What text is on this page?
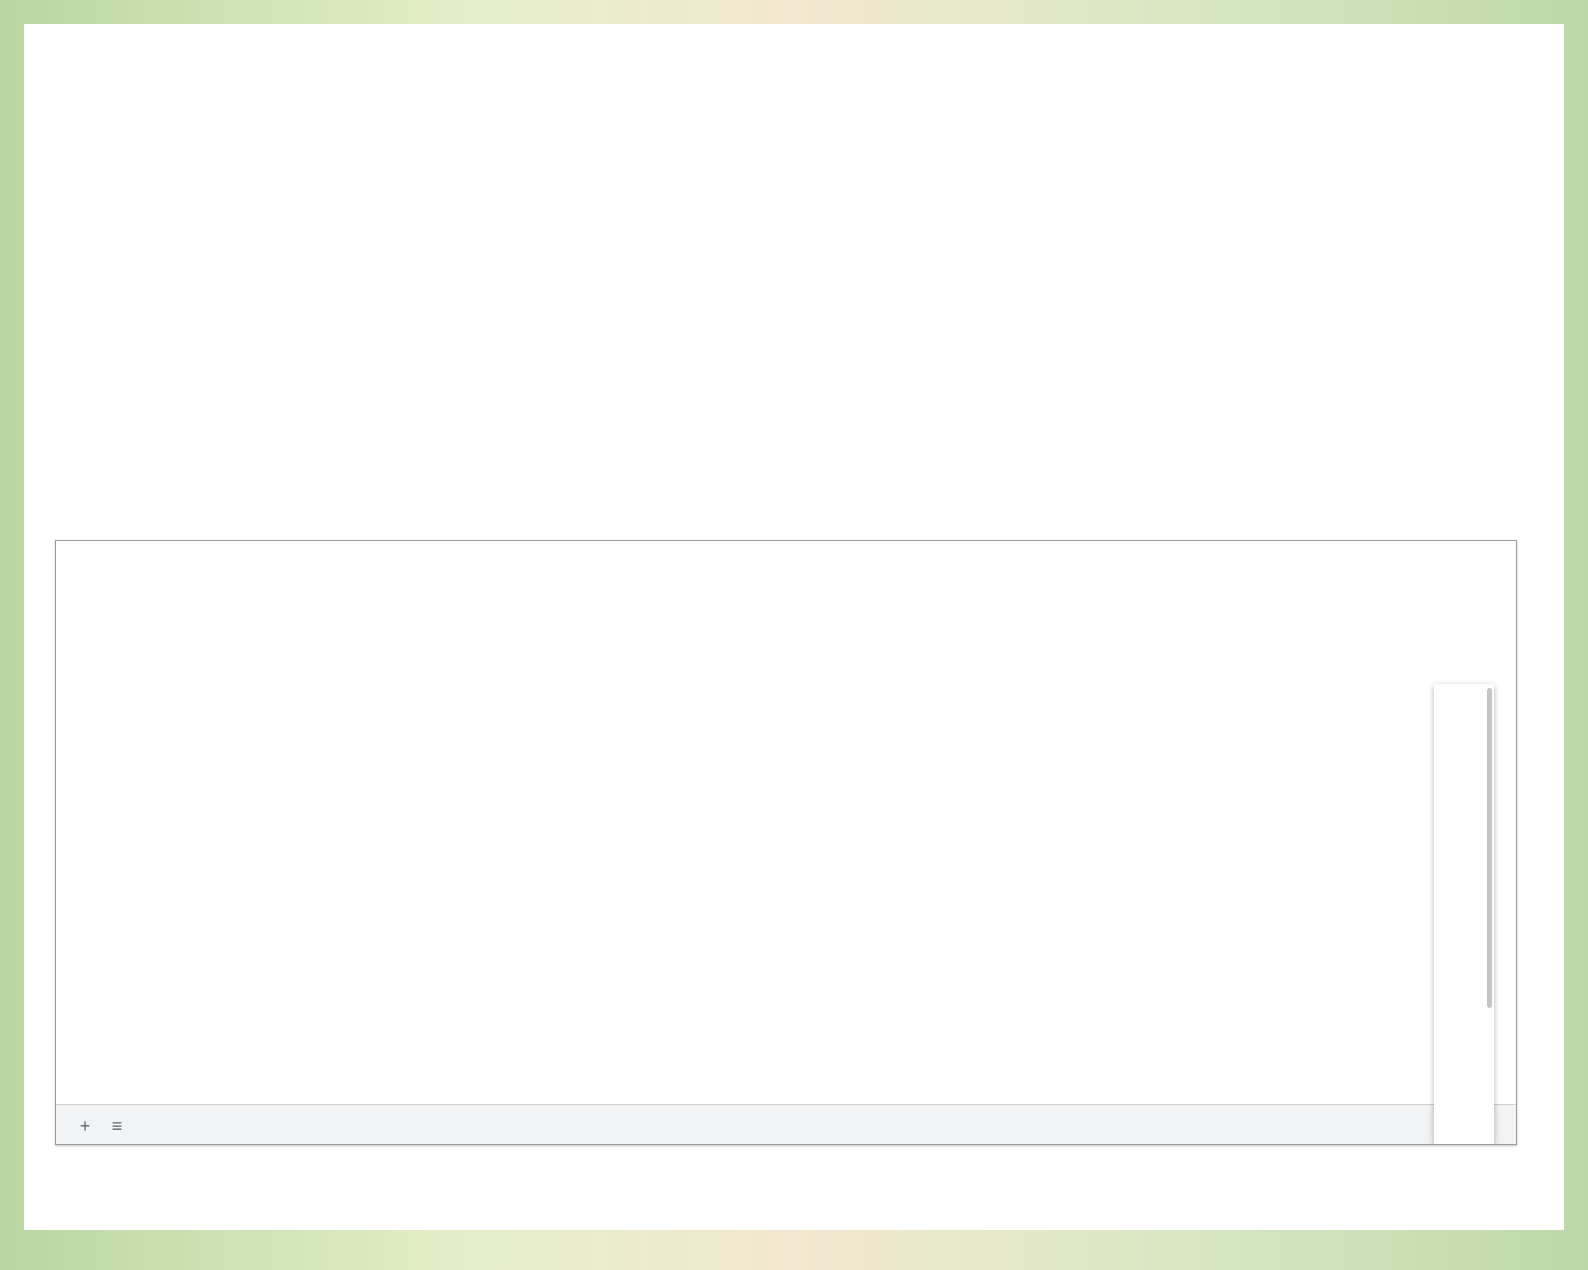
+	≡
